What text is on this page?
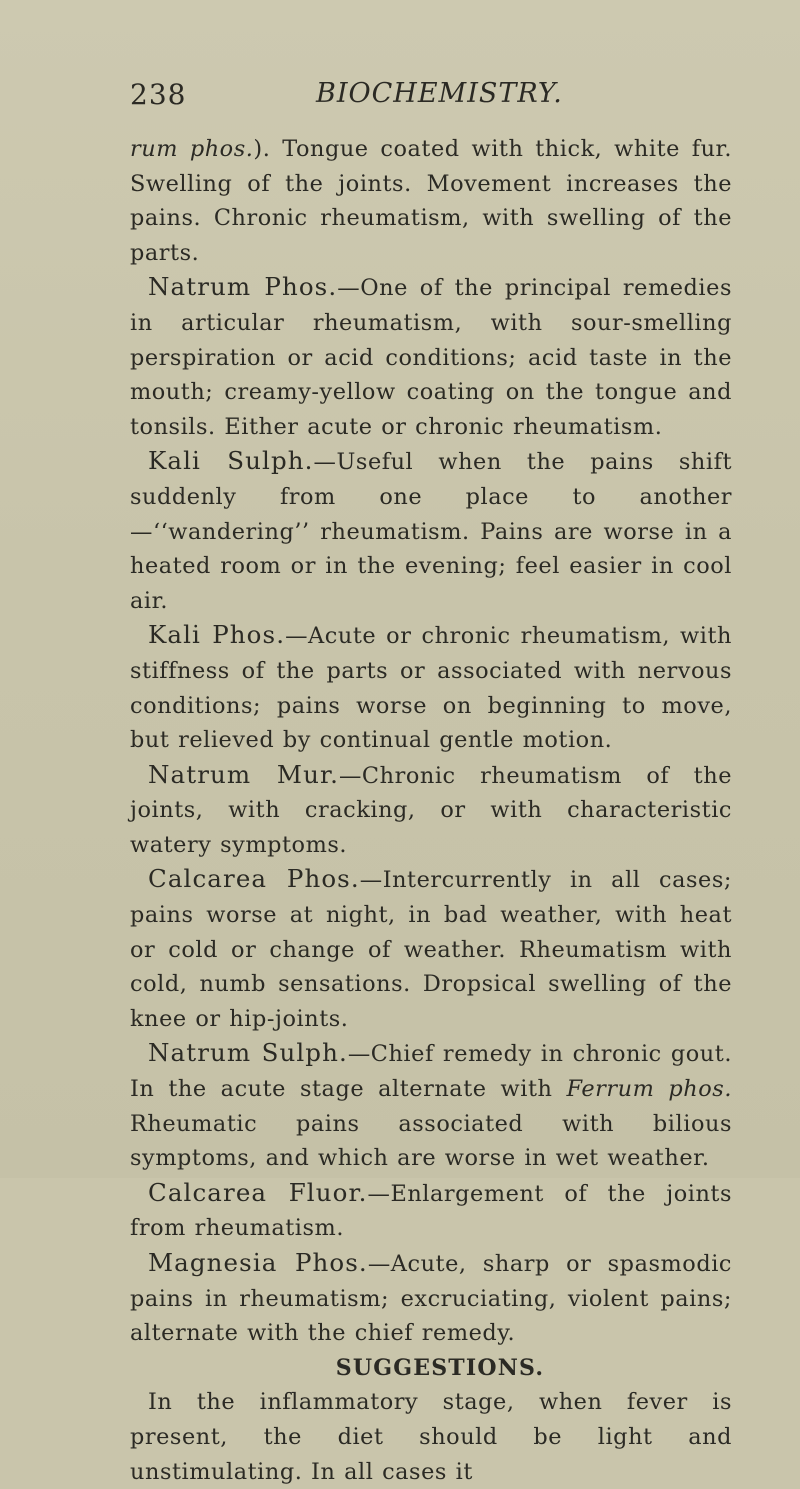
238	BIOCHEMISTRY.

rum phos.). Tongue coated with thick, white fur. Swelling of the joints. Movement increases the pains. Chronic rheumatism, with swelling of the parts.

Natrum Phos.—One of the principal remedies in articular rheumatism, with sour-smelling perspiration or acid conditions; acid taste in the mouth; creamy-yellow coating on the tongue and tonsils. Either acute or chronic rheumatism.

Kali Sulph.—Useful when the pains shift suddenly from one place to another—‘‘wandering’’ rheumatism. Pains are worse in a heated room or in the evening; feel easier in cool air.

Kali Phos.—Acute or chronic rheumatism, with stiffness of the parts or associated with nervous conditions; pains worse on beginning to move, but relieved by continual gentle motion.

Natrum Mur.—Chronic rheumatism of the joints, with cracking, or with characteristic watery symptoms.

Calcarea Phos.—Intercurrently in all cases; pains worse at night, in bad weather, with heat or cold or change of weather. Rheumatism with cold, numb sensations. Dropsical swelling of the knee or hip-joints.

Natrum Sulph.—Chief remedy in chronic gout. In the acute stage alternate with Ferrum phos. Rheumatic pains associated with bilious symptoms, and which are worse in wet weather.

Calcarea Fluor.—Enlargement of the joints from rheumatism.

Magnesia Phos.—Acute, sharp or spasmodic pains in rheumatism; excruciating, violent pains; alternate with the chief remedy.

SUGGESTIONS.

In the inflammatory stage, when fever is present, the diet should be light and unstimulating. In all cases it
